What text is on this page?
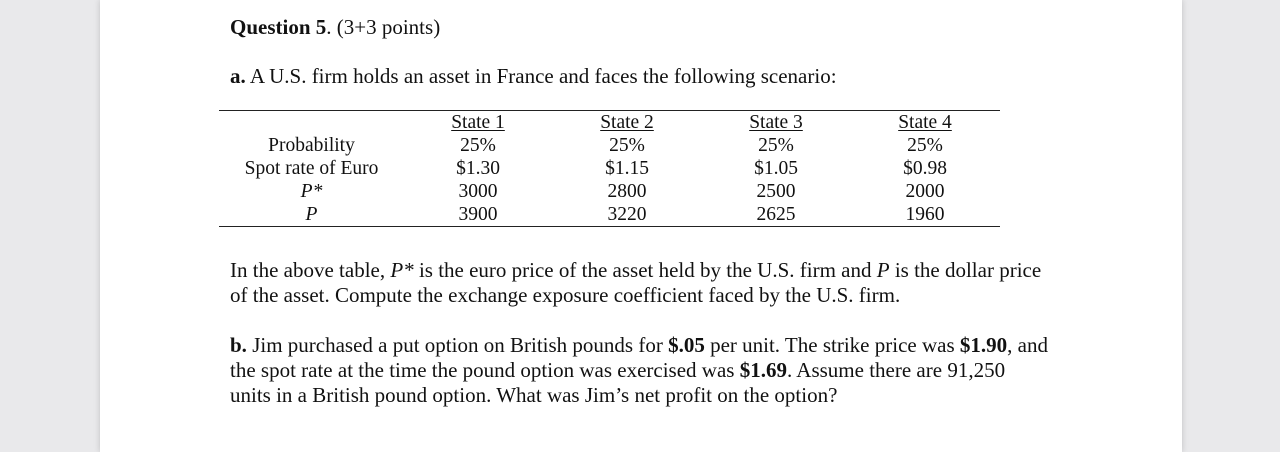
Question 5. (3+3 points)
a. A U.S. firm holds an asset in France and faces the following scenario:
	State 1	State 2	State 3	State 4
Probability	25%	25%	25%	25%
Spot rate of Euro	$1.30	$1.15	$1.05	$0.98
P*	3000	2800	2500	2000
P	3900	3220	2625	1960
In the above table, P* is the euro price of the asset held by the U.S. firm and P is the dollar price of the asset. Compute the exchange exposure coefficient faced by the U.S. firm.
b. Jim purchased a put option on British pounds for $.05 per unit. The strike price was $1.90, and the spot rate at the time the pound option was exercised was $1.69. Assume there are 91,250 units in a British pound option. What was Jim’s net profit on the option?
